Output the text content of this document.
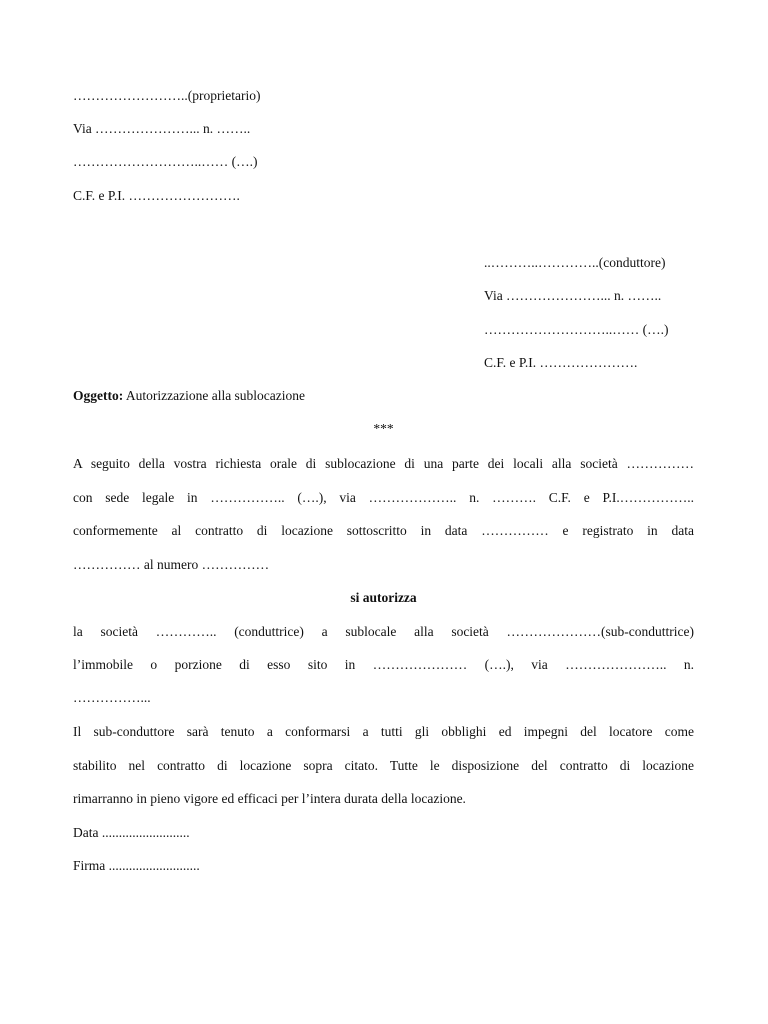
……………………..(proprietario)
Via …………………... n. ……..
………………………..…… (….)
C.F. e P.I. …………………….
..………..…………..(conduttore)
Via …………………... n. ……..
………………………..…… (….)
C.F. e P.I. ………………….
Oggetto: Autorizzazione alla sublocazione
***
A seguito della vostra richiesta orale di sublocazione di una parte dei locali alla società ……………
con sede legale in …………….. (….), via ……………….. n. ………. C.F. e P.I.……………..
conformemente al contratto di locazione sottoscritto in data …………… e registrato in data
…………… al numero ……………
si autorizza
la società ………….. (conduttrice) a sublocale alla società …………………(sub-conduttrice)
l’immobile o porzione di esso sito in ………………… (….), via ………………….. n.
……………...
Il sub-conduttore sarà tenuto a conformarsi a tutti gli obblighi ed impegni del locatore come
stabilito nel contratto di locazione sopra citato. Tutte le disposizione del contratto di locazione
rimarranno in pieno vigore ed efficaci per l’intera durata della locazione.
Data ..........................
Firma ...........................
